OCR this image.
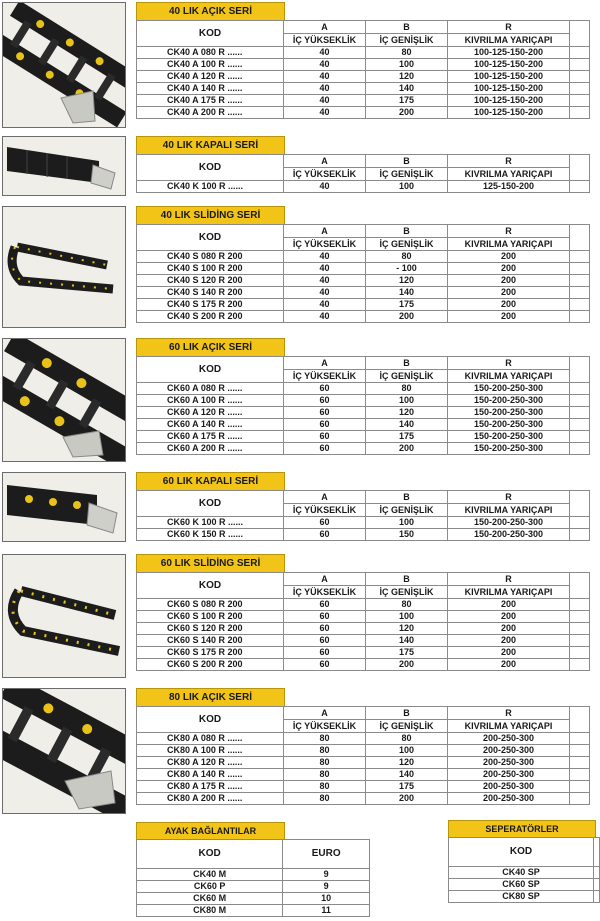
40 LIK AÇIK SERİ
KOD	A	B	R	
	İÇ YÜKSEKLİK	İÇ GENİŞLİK	KIVRILMA YARIÇAPI	
CK40 A 080 R ......	40	80	100-125-150-200	
CK40 A 100 R ......	40	100	100-125-150-200	
CK40 A 120 R ......	40	120	100-125-150-200	
CK40 A 140 R ......	40	140	100-125-150-200	
CK40 A 175 R ......	40	175	100-125-150-200	
CK40 A 200 R ......	40	200	100-125-150-200	
40 LIK KAPALI SERİ
KOD	A	B	R	
	İÇ YÜKSEKLİK	İÇ GENİŞLİK	KIVRILMA YARIÇAPI	
CK40 K 100 R ......	40	100	125-150-200	
40 LIK SLİDİNG SERİ
KOD	A	B	R	
	İÇ YÜKSEKLİK	İÇ GENİŞLİK	KIVRILMA YARIÇAPI	
CK40 S 080 R 200	40	80	200	
CK40 S 100 R 200	40	- 100	200	
CK40 S 120 R 200	40	120	200	
CK40 S 140 R 200	40	140	200	
CK40 S 175 R 200	40	175	200	
CK40 S 200 R 200	40	200	200	
60 LIK AÇIK SERİ
KOD	A	B	R	
	İÇ YÜKSEKLİK	İÇ GENİŞLİK	KIVRILMA YARIÇAPI	
CK60 A 080 R ......	60	80	150-200-250-300	
CK60 A 100 R ......	60	100	150-200-250-300	
CK60 A 120 R ......	60	120	150-200-250-300	
CK60 A 140 R ......	60	140	150-200-250-300	
CK60 A 175 R ......	60	175	150-200-250-300	
CK60 A 200 R ......	60	200	150-200-250-300	
60 LIK KAPALI SERİ
KOD	A	B	R	
	İÇ YÜKSEKLİK	İÇ GENİŞLİK	KIVRILMA YARIÇAPI	
CK60 K 100 R ......	60	100	150-200-250-300	
CK60 K 150 R ......	60	150	150-200-250-300	
60 LIK SLİDİNG SERİ
KOD	A	B	R	
	İÇ YÜKSEKLİK	İÇ GENİŞLİK	KIVRILMA YARIÇAPI	
CK60 S 080 R 200	60	80	200	
CK60 S 100 R 200	60	100	200	
CK60 S 120 R 200	60	120	200	
CK60 S 140 R 200	60	140	200	
CK60 S 175 R 200	60	175	200	
CK60 S 200 R 200	60	200	200	
80 LIK AÇIK SERİ
KOD	A	B	R	
	İÇ YÜKSEKLİK	İÇ GENİŞLİK	KIVRILMA YARIÇAPI	
CK80 A 080 R ......	80	80	200-250-300	
CK80 A 100 R ......	80	100	200-250-300	
CK80 A 120 R ......	80	120	200-250-300	
CK80 A 140 R ......	80	140	200-250-300	
CK80 A 175 R ......	80	175	200-250-300	
CK80 A 200 R ......	80	200	200-250-300	
AYAK BAĞLANTILAR
KOD	EURO
CK40 M	9
CK60 P	9
CK60 M	10
CK80 M	11
SEPERATÖRLER
KOD	
CK40 SP	
CK60 SP	
CK80 SP	
